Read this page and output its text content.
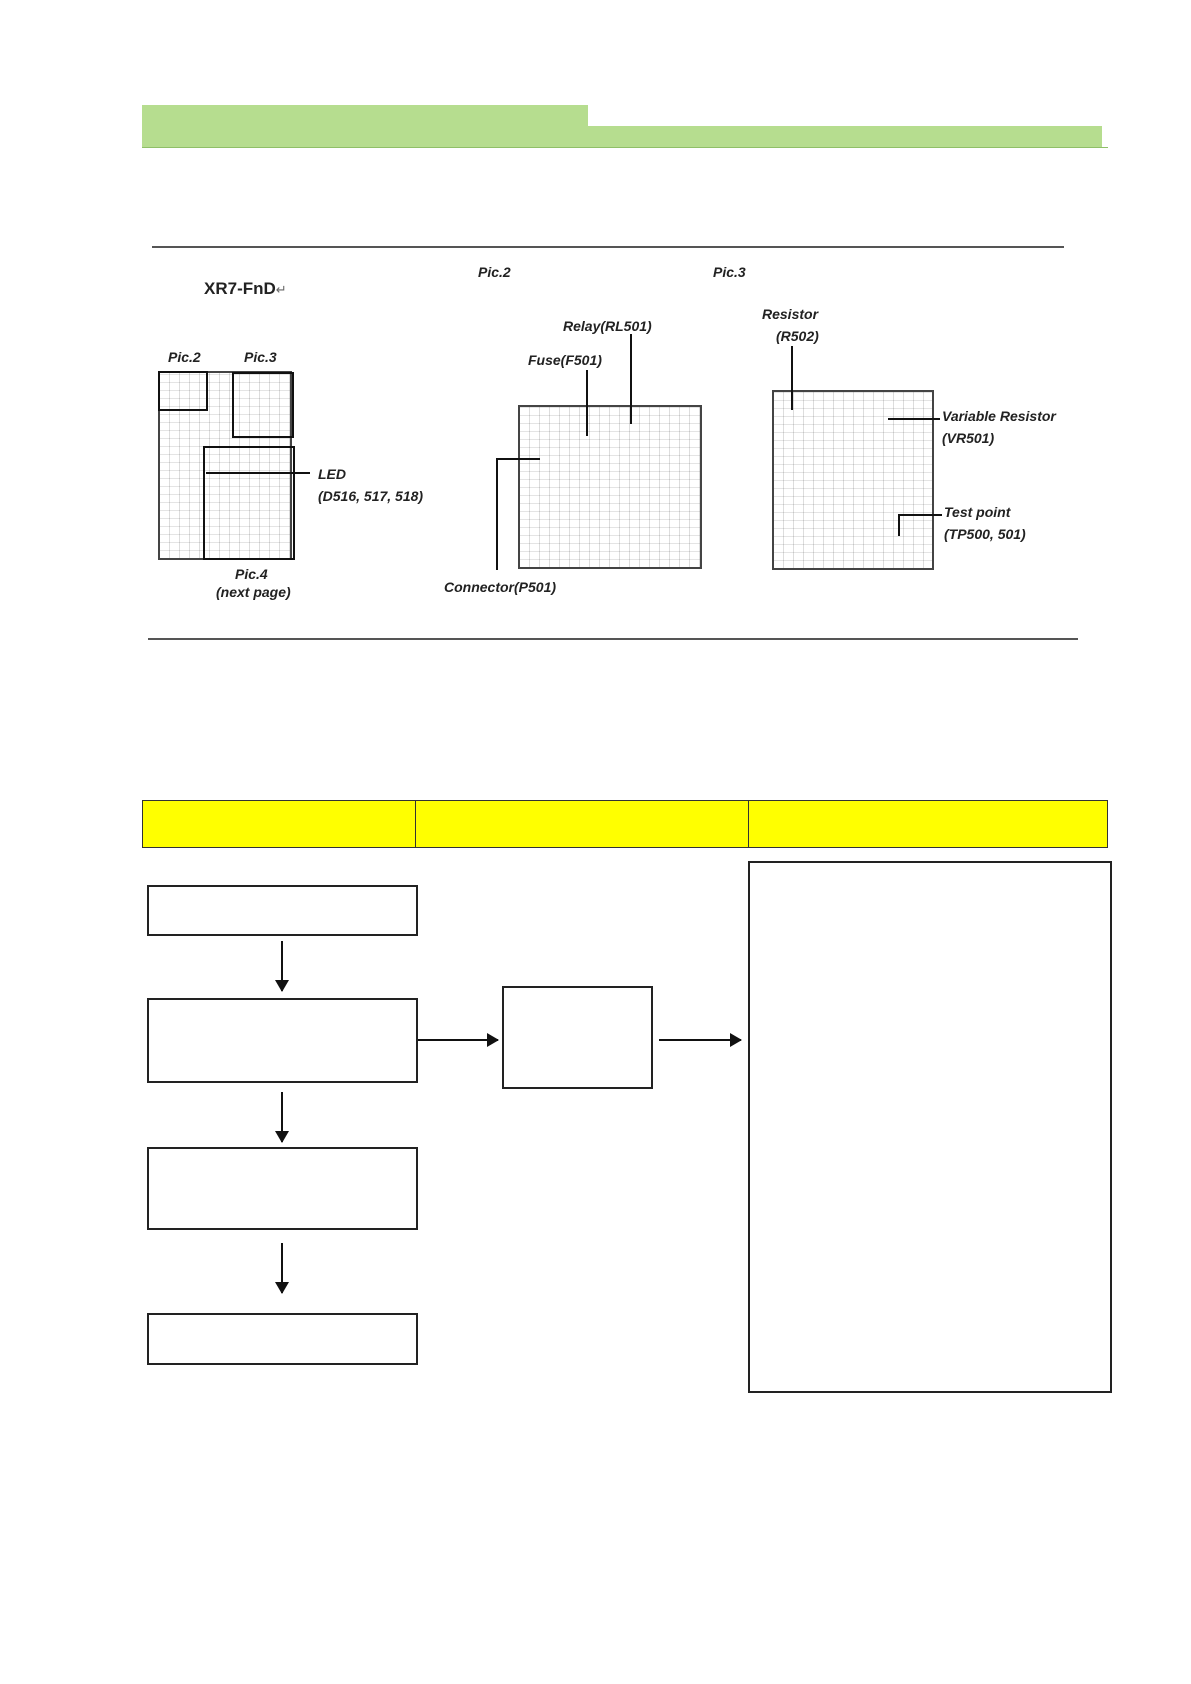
XR7-FnD↵
Pic.2	Pic.3
Pic.2	Pic.3
Pic.4
(next page)
LED
(D516, 517, 518)
Relay(RL501)
Fuse(F501)
Connector(P501)
Resistor
(R502)
Variable Resistor
(VR501)
Test point
(TP500, 501)
